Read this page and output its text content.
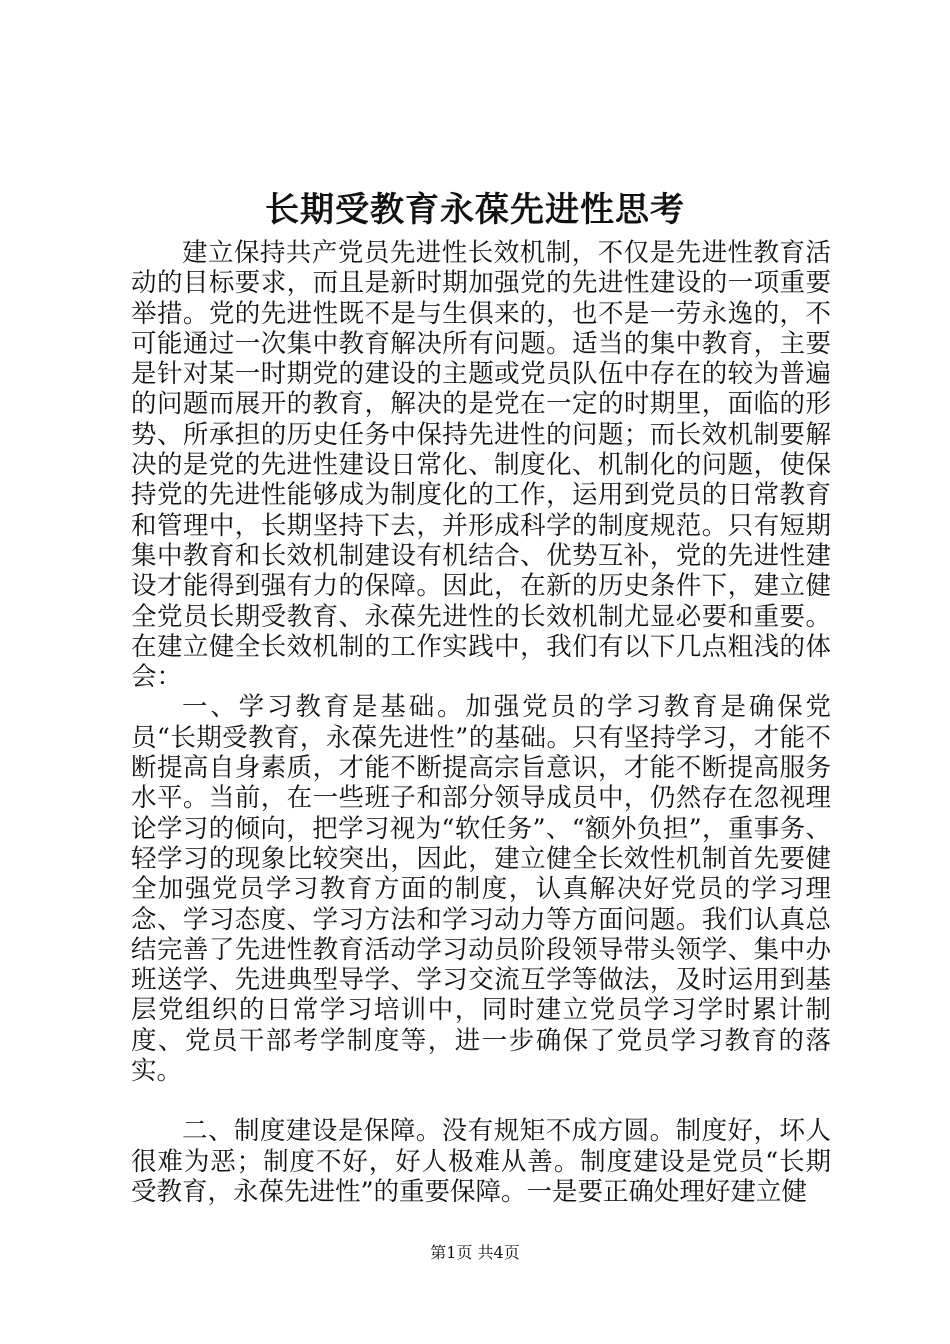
长期受教育永葆先进性思考

建立保持共产党员先进性长效机制，不仅是先进性教育活动的目标要求，而且是新时期加强党的先进性建设的一项重要举措。党的先进性既不是与生俱来的，也不是一劳永逸的，不可能通过一次集中教育解决所有问题。适当的集中教育，主要是针对某一时期党的建设的主题或党员队伍中存在的较为普遍的问题而展开的教育，解决的是党在一定的时期里，面临的形势、所承担的历史任务中保持先进性的问题；而长效机制要解决的是党的先进性建设日常化、制度化、机制化的问题，使保持党的先进性能够成为制度化的工作，运用到党员的日常教育和管理中，长期坚持下去，并形成科学的制度规范。只有短期集中教育和长效机制建设有机结合、优势互补，党的先进性建设才能得到强有力的保障。因此，在新的历史条件下，建立健全党员长期受教育、永葆先进性的长效机制尤显必要和重要。在建立健全长效机制的工作实践中，我们有以下几点粗浅的体会：

一、学习教育是基础。加强党员的学习教育是确保党员“长期受教育，永葆先进性”的基础。只有坚持学习，才能不断提高自身素质，才能不断提高宗旨意识，才能不断提高服务水平。当前，在一些班子和部分领导成员中，仍然存在忽视理论学习的倾向，把学习视为“软任务”、“额外负担”，重事务、轻学习的现象比较突出，因此，建立健全长效性机制首先要健全加强党员学习教育方面的制度，认真解决好党员的学习理念、学习态度、学习方法和学习动力等方面问题。我们认真总结完善了先进性教育活动学习动员阶段领导带头领学、集中办班送学、先进典型导学、学习交流互学等做法，及时运用到基层党组织的日常学习培训中，同时建立党员学习学时累计制度、党员干部考学制度等，进一步确保了党员学习教育的落实。

二、制度建设是保障。没有规矩不成方圆。制度好，坏人很难为恶；制度不好，好人极难从善。制度建设是党员“长期受教育，永葆先进性”的重要保障。一是要正确处理好建立健

第1页 共4页
